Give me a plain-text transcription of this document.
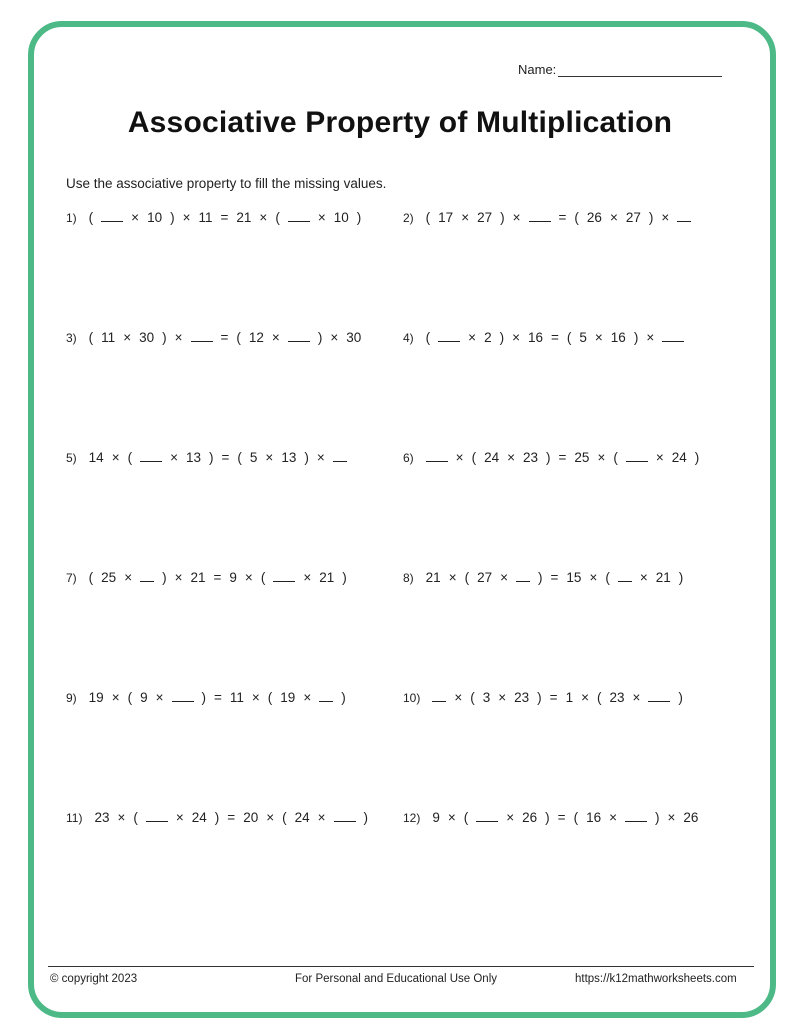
Name:
Associative Property of Multiplication
Use the associative property to fill the missing values.
1) (	× 10 ) × 11 = 21 × (	× 10 )	2) ( 17 × 27 ) ×	= ( 26 × 27 ) ×
3) ( 11 × 30 ) ×	= ( 12 ×	) × 30	4) (	× 2 ) × 16 = ( 5 × 16 ) ×
5) 14 × (	× 13 ) = ( 5 × 13 ) ×	6)	× ( 24 × 23 ) = 25 × (	× 24 )
7) ( 25 × ) × 21 = 9 × (	× 21 )	8) 21 × ( 27 × ) = 15 × ( × 21 )
9) 19 × ( 9 ×	) = 11 × ( 19 × )	10)	× ( 3 × 23 ) = 1 × ( 23 ×	)
11) 23 × (	× 24 ) = 20 × ( 24 ×	)	12) 9 × (	× 26 ) = ( 16 ×	) × 26
© copyright 2023	For Personal and Educational Use Only	https://k12mathworksheets.com
